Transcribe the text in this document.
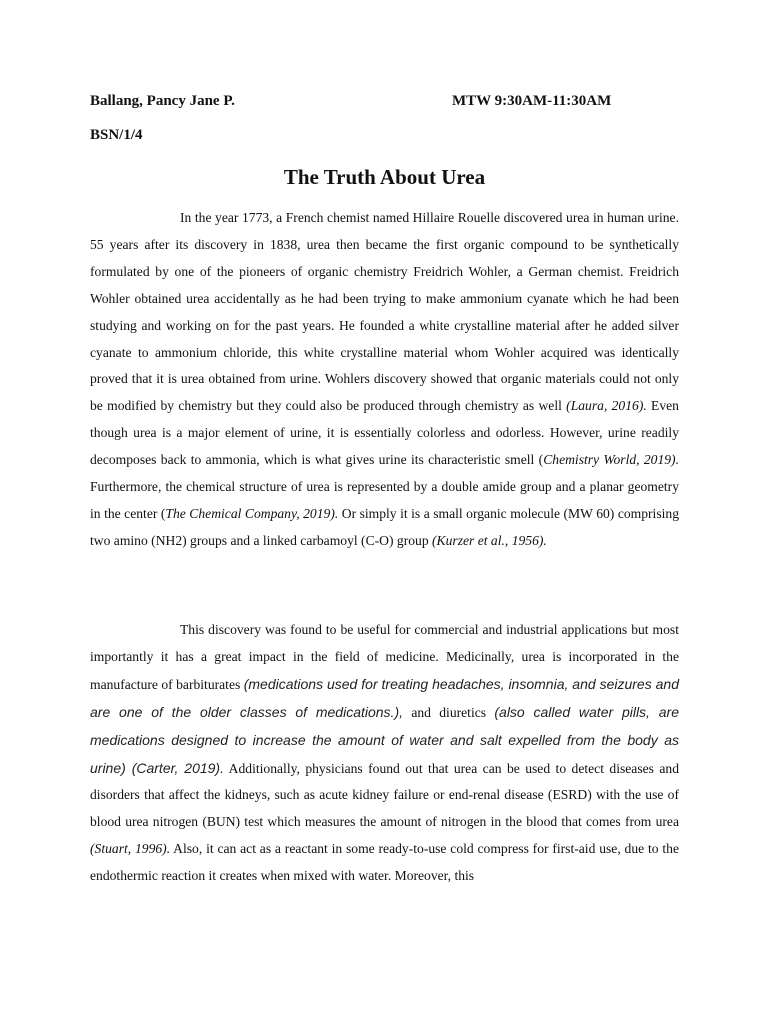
Ballang, Pancy Jane P.	MTW 9:30AM-11:30AM
BSN/1/4
The Truth About Urea

In the year 1773, a French chemist named Hillaire Rouelle discovered urea in human urine. 55 years after its discovery in 1838, urea then became the first organic compound to be synthetically formulated by one of the pioneers of organic chemistry Freidrich Wohler, a German chemist. Freidrich Wohler obtained urea accidentally as he had been trying to make ammonium cyanate which he had been studying and working on for the past years. He founded a white crystalline material after he added silver cyanate to ammonium chloride, this white crystalline material whom Wohler acquired was identically proved that it is urea obtained from urine. Wohlers discovery showed that organic materials could not only be modified by chemistry but they could also be produced through chemistry as well (Laura, 2016). Even though urea is a major element of urine, it is essentially colorless and odorless. However, urine readily decomposes back to ammonia, which is what gives urine its characteristic smell (Chemistry World, 2019). Furthermore, the chemical structure of urea is represented by a double amide group and a planar geometry in the center (The Chemical Company, 2019). Or simply it is a small organic molecule (MW 60) comprising two amino (NH2) groups and a linked carbamoyl (C-O) group (Kurzer et al., 1956).

This discovery was found to be useful for commercial and industrial applications but most importantly it has a great impact in the field of medicine. Medicinally, urea is incorporated in the manufacture of barbiturates (medications used for treating headaches, insomnia, and seizures and are one of the older classes of medications.), and diuretics (also called water pills, are medications designed to increase the amount of water and salt expelled from the body as urine) (Carter, 2019). Additionally, physicians found out that urea can be used to detect diseases and disorders that affect the kidneys, such as acute kidney failure or end-renal disease (ESRD) with the use of blood urea nitrogen (BUN) test which measures the amount of nitrogen in the blood that comes from urea (Stuart, 1996). Also, it can act as a reactant in some ready-to-use cold compress for first-aid use, due to the endothermic reaction it creates when mixed with water. Moreover, this
